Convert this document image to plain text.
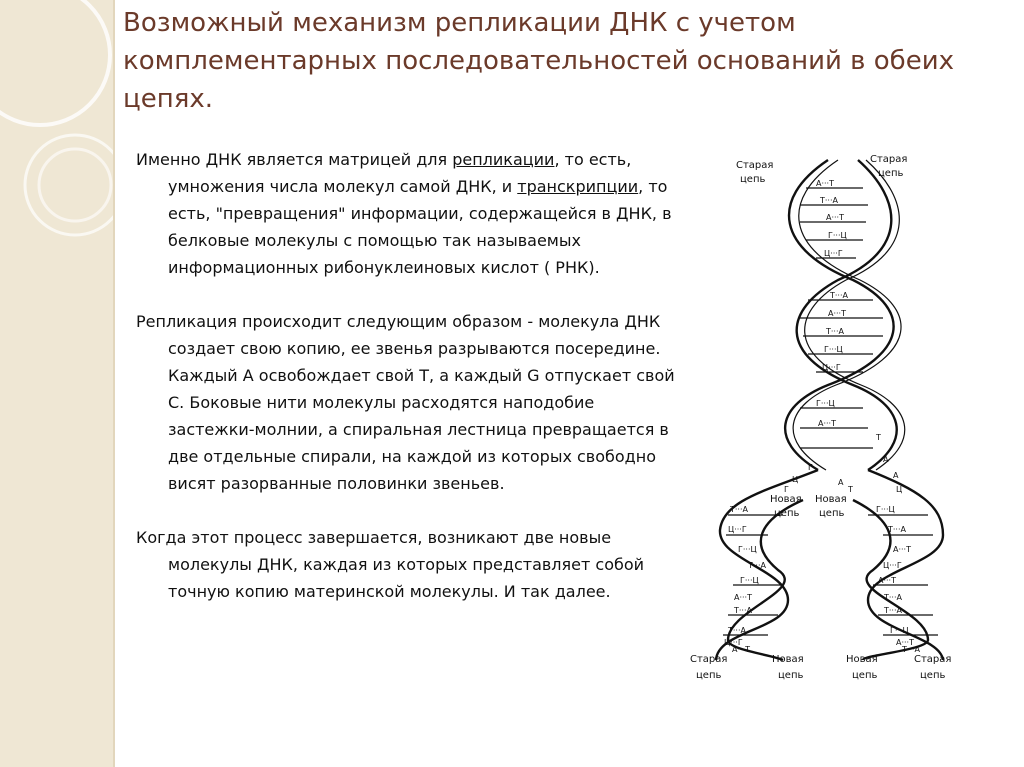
Возможный механизм репликации ДНК с учетом комплементарных последовательностей оснований в обеих цепях.

Именно ДНК является матрицей для репликации, то есть, умножения числа молекул самой ДНК, и транскрипции, то есть, "превращения" информации, содержащейся в ДНК, в белковые молекулы с помощью так называемых информационных рибонуклеиновых кислот ( РНК).

Репликация происходит следующим образом - молекула ДНК создает свою копию, ее звенья разрываются посередине. Каждый А освобождает свой Т, а каждый G отпускает свой С. Боковые нити молекулы расходятся наподобие застежки-молнии, а спиральная лестница превращается в две отдельные спирали, на каждой из которых свободно висят разорванные половинки звеньев.

Когда этот процесс завершается, возникают две новые молекулы ДНК, каждая из которых представляет собой точную копию материнской молекулы. И так далее.

Старая
цепь
Старая
цепь
Новая
цепь
Новая
цепь
Старая
цепь
Новая
цепь
Новая
цепь
Старая
цепь
А···Т
Т···А
А···Т
Г···Ц
Ц···Г
Т···А
А···Т
Т···А
Г···Ц
Ц···Г
Г···Ц
А···Т
Т···А
Ц···Г
Г···Ц
Т···А
Г···Ц
А···Т
Т···А
Т···А
Ц···Г
А···Т
Г···Ц
Т···А
А···Т
Ц···Г
А···Т
Т···А
Т···А
Г···Ц
А···Т
Т···А
Т
А
А
Ц
Г
Ц
Г
А
Т
